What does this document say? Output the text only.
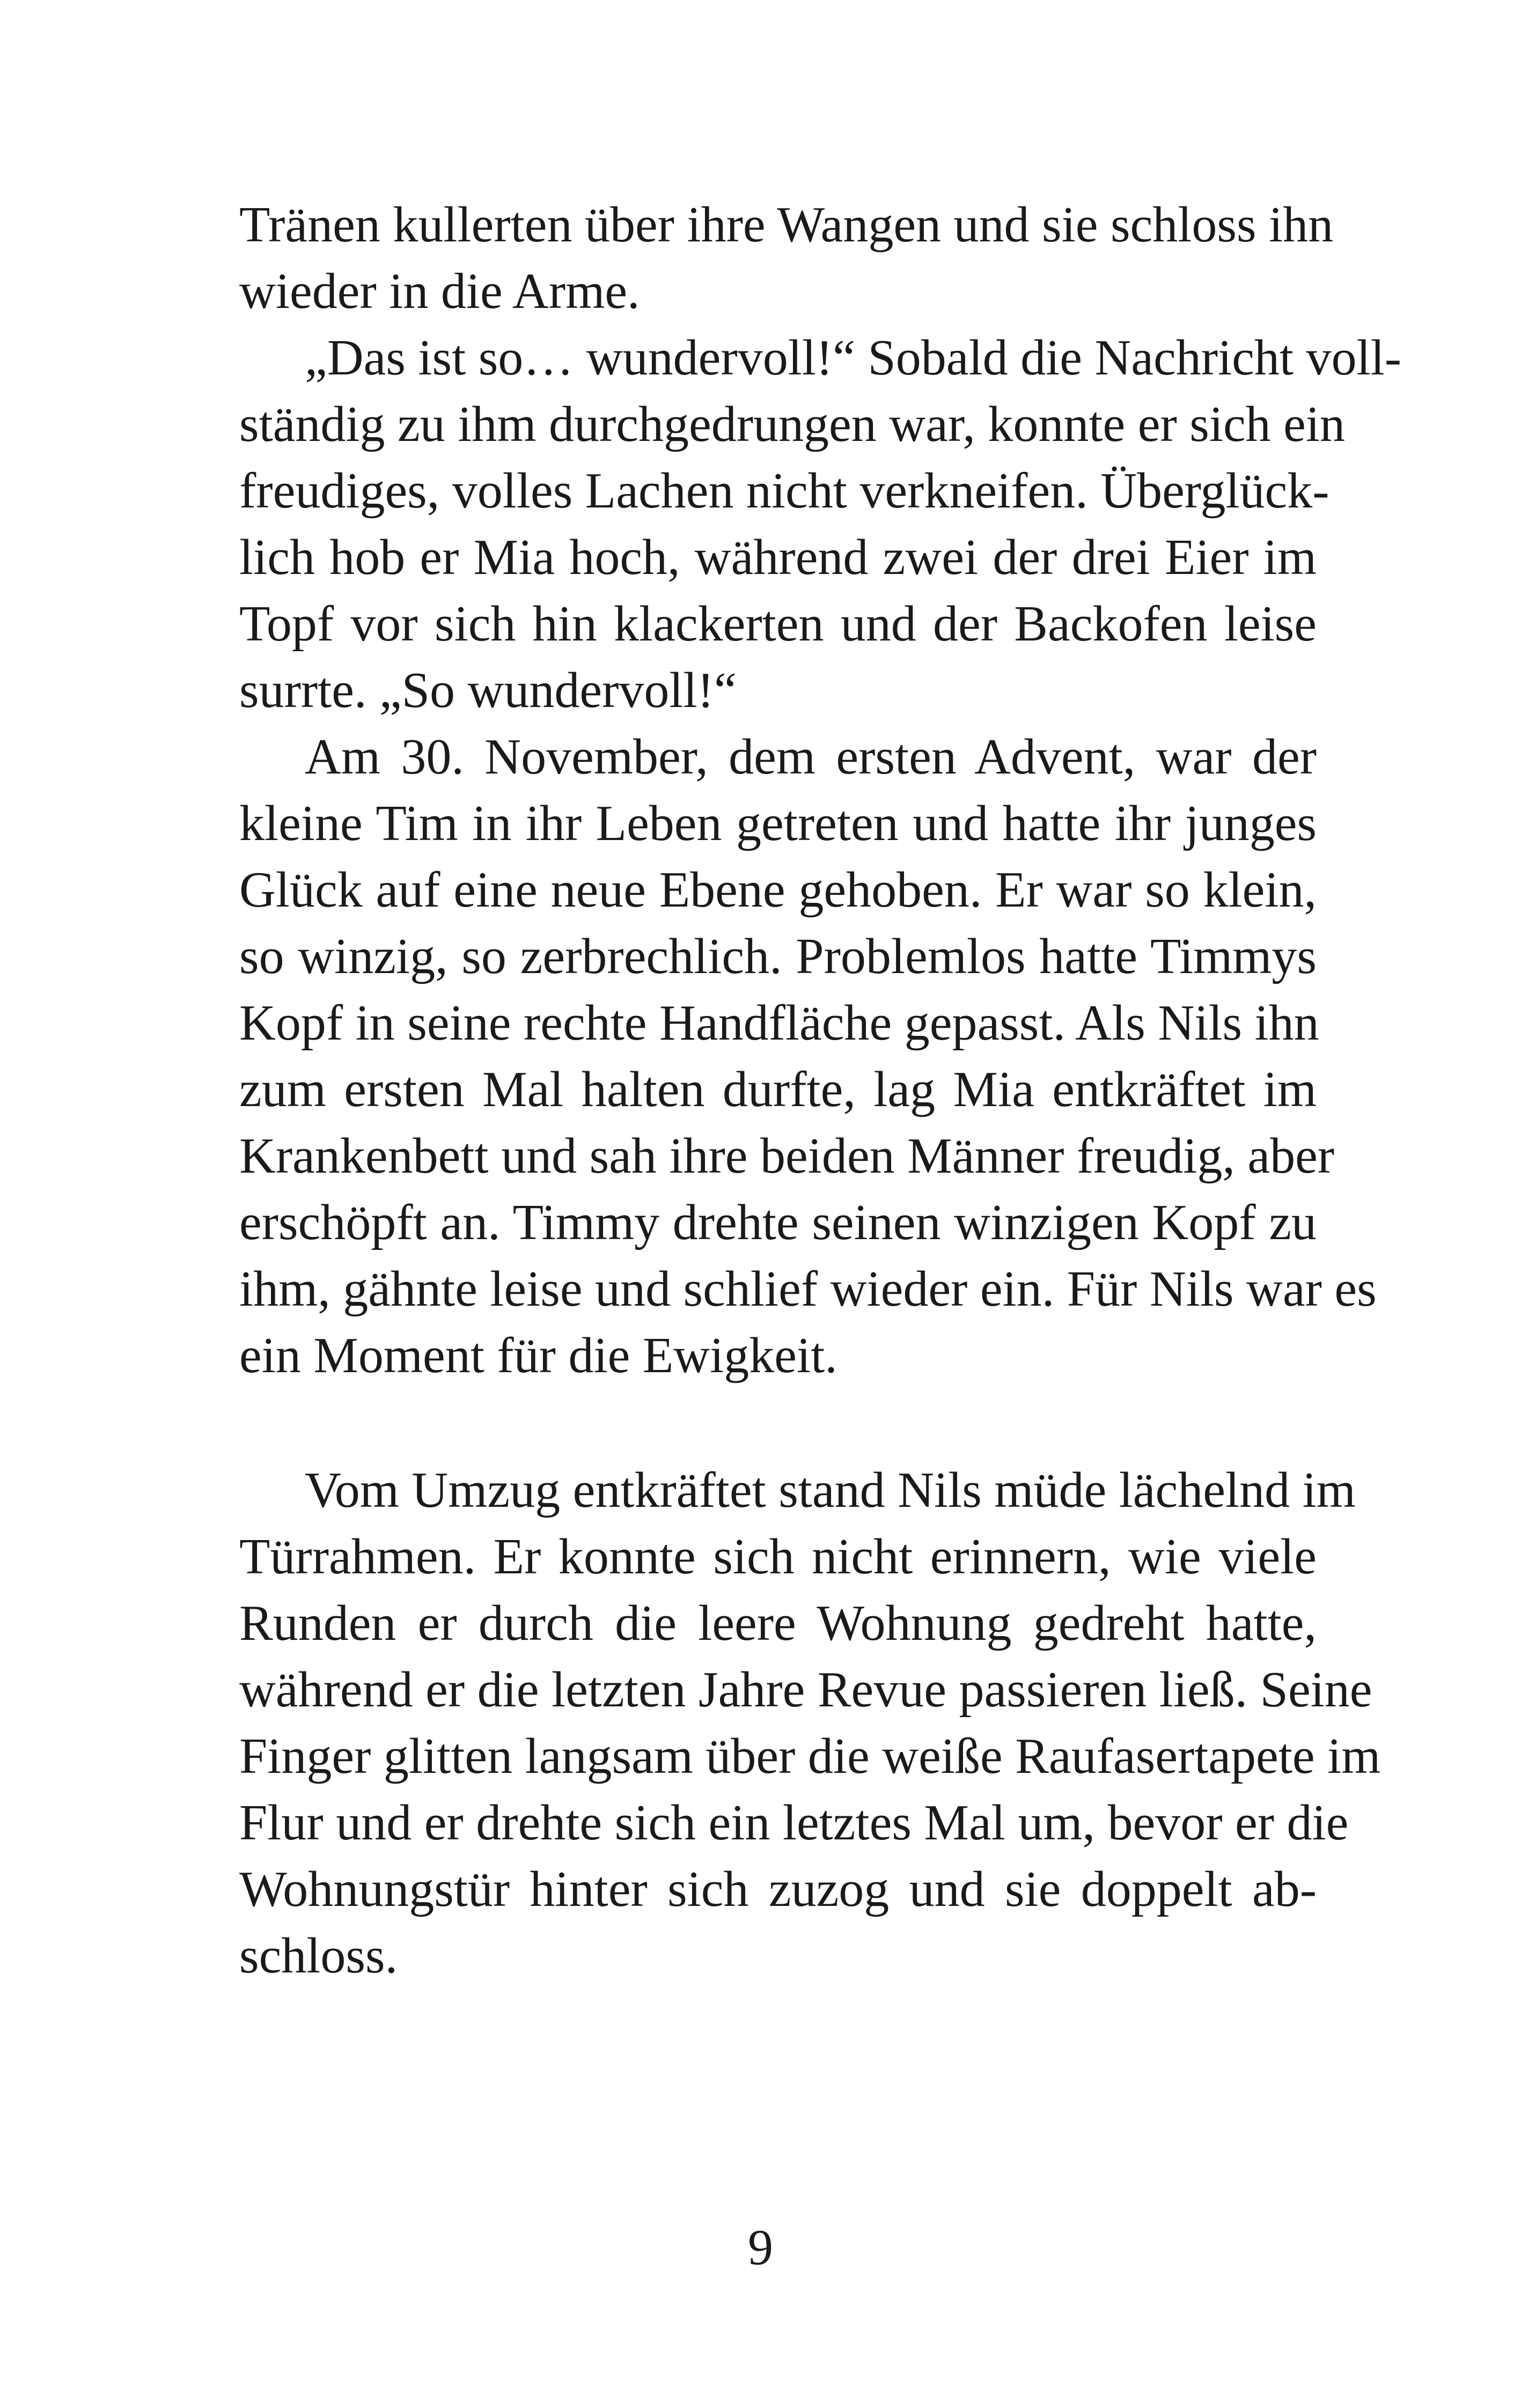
Tränen kullerten über ihre Wangen und sie schloss ihn
wieder in die Arme.
„Das ist so… wundervoll!“ Sobald die Nachricht voll-
ständig zu ihm durchgedrungen war, konnte er sich ein
freudiges, volles Lachen nicht verkneifen. Überglück-
lich hob er Mia hoch, während zwei der drei Eier im
Topf vor sich hin klackerten und der Backofen leise
surrte. „So wundervoll!“
Am 30. November, dem ersten Advent, war der
kleine Tim in ihr Leben getreten und hatte ihr junges
Glück auf eine neue Ebene gehoben. Er war so klein,
so winzig, so zerbrechlich. Problemlos hatte Timmys
Kopf in seine rechte Handfläche gepasst. Als Nils ihn
zum ersten Mal halten durfte, lag Mia entkräftet im
Krankenbett und sah ihre beiden Männer freudig, aber
erschöpft an. Timmy drehte seinen winzigen Kopf zu
ihm, gähnte leise und schlief wieder ein. Für Nils war es
ein Moment für die Ewigkeit.
Vom Umzug entkräftet stand Nils müde lächelnd im
Türrahmen. Er konnte sich nicht erinnern, wie viele
Runden er durch die leere Wohnung gedreht hatte,
während er die letzten Jahre Revue passieren ließ. Seine
Finger glitten langsam über die weiße Raufasertapete im
Flur und er drehte sich ein letztes Mal um, bevor er die
Wohnungstür hinter sich zuzog und sie doppelt ab-
schloss.
9
